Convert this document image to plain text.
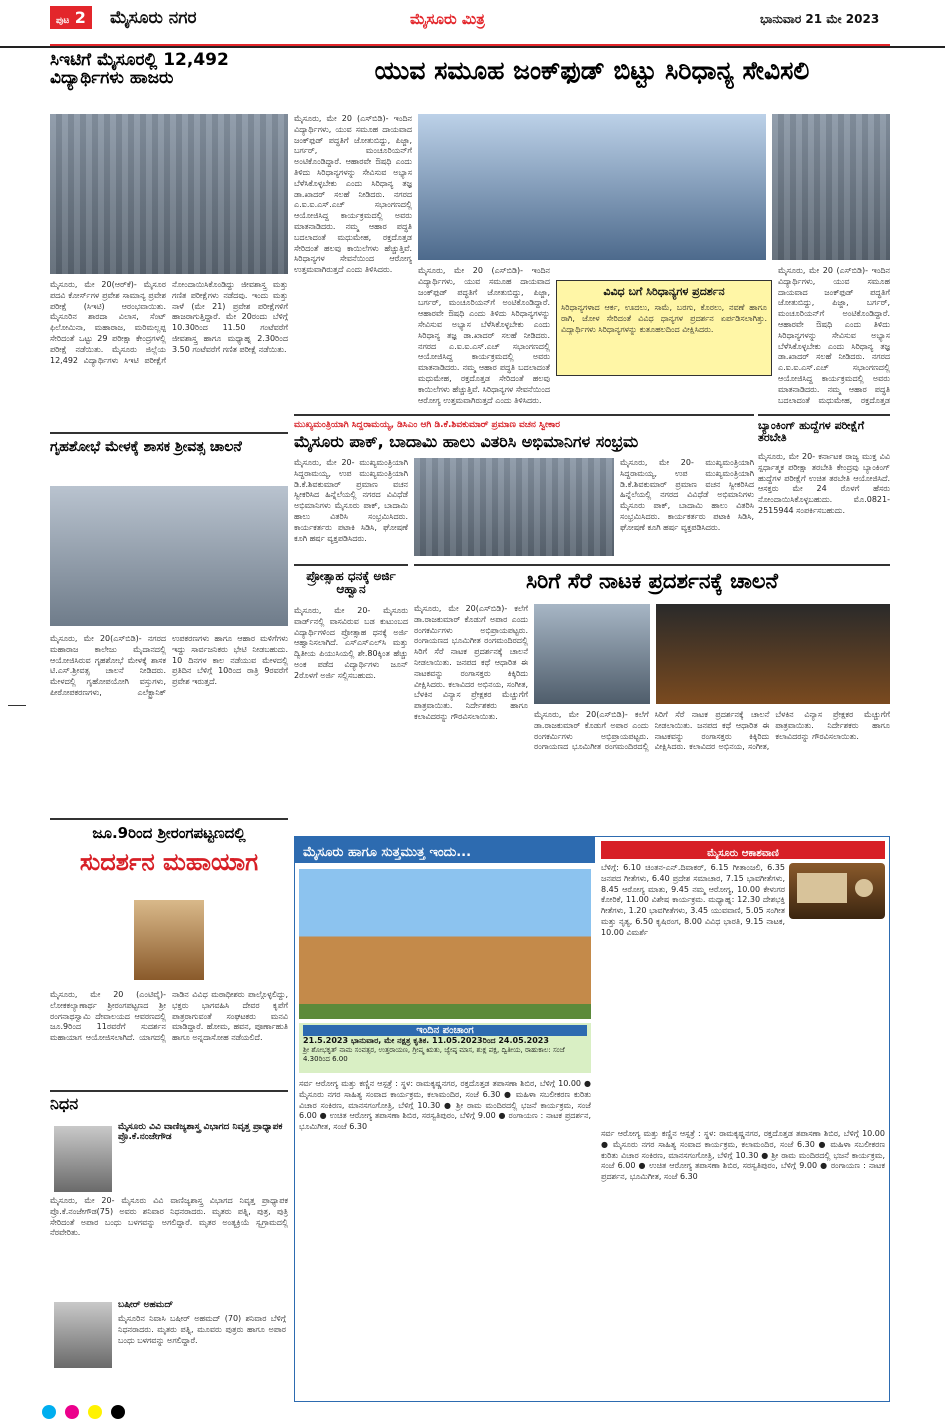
ಪುಟ 2	ಮೈಸೂರು ನಗರ	ಮೈಸೂರು ಮಿತ್ರ	ಭಾನುವಾರ 21 ಮೇ 2023

ಸಿಇಟಿಗೆ ಮೈಸೂರಲ್ಲಿ 12,492 ವಿದ್ಯಾರ್ಥಿಗಳು ಹಾಜರು
ಮೈಸೂರು, ಮೇ 20(ಆರ್‌ಕೆ)- ಮೈಸೂರ ಪದವಿ ಕೋರ್ಸ್‌ಗಳ ಪ್ರವೇಶ ಸಾಮಾನ್ಯ ಪ್ರವೇಶ ಪರೀಕ್ಷೆ (ಸಿಇಟಿ) ಆರಂಭವಾಯಿತು. ಮೈಸೂರಿನ ಶಾರದಾ ವಿಲಾಸ, ಸೆಂಟ್ ಫಿಲೋಮಿನಾ, ಮಹಾರಾಜ, ಮರಿಮಲ್ಲಪ್ಪ ಸೇರಿದಂತೆ ಒಟ್ಟು 29 ಪರೀಕ್ಷಾ ಕೇಂದ್ರಗಳಲ್ಲಿ ಪರೀಕ್ಷೆ ನಡೆಯಿತು. ಮೈಸೂರು ಜಿಲ್ಲೆಯ 12,492 ವಿದ್ಯಾರ್ಥಿಗಳು ಸಿಇಟಿ ಪರೀಕ್ಷೆಗೆ ನೋಂದಾಯಿಸಿಕೊಂಡಿದ್ದು ಜೀವಶಾಸ್ತ್ರ ಮತ್ತು ಗಣಿತ ಪರೀಕ್ಷೆಗಳು ನಡೆದವು. ಇಂದು ಮತ್ತು ನಾಳೆ (ಮೇ 21) ಪ್ರವೇಶ ಪರೀಕ್ಷೆಗಳಿಗೆ ಹಾಜರಾಗುತ್ತಿದ್ದಾರೆ. ಮೇ 20ರಂದು ಬೆಳಿಗ್ಗೆ 10.30ರಿಂದ 11.50 ಗಂಟೆವರೆಗೆ ಜೀವಶಾಸ್ತ್ರ ಹಾಗೂ ಮಧ್ಯಾಹ್ನ 2.30ರಿಂದ 3.50 ಗಂಟೆವರೆಗೆ ಗಣಿತ ಪರೀಕ್ಷೆ ನಡೆಯಿತು.
ಗೃಹಶೋಭೆ ಮೇಳಕ್ಕೆ ಶಾಸಕ ಶ್ರೀವತ್ಸ ಚಾಲನೆ
ಮೈಸೂರು, ಮೇ 20(ಎಸ್‌ಬಿಡಿ)- ನಗರದ ಮಹಾರಾಜ ಕಾಲೇಜು ಮೈದಾನದಲ್ಲಿ ಆಯೋಜಿಸಿರುವ ಗೃಹಶೋಭೆ ಮೇಳಕ್ಕೆ ಶಾಸಕ ಟಿ.ಎಸ್.ಶ್ರೀವತ್ಸ ಚಾಲನೆ ನೀಡಿದರು. ಮೇಳದಲ್ಲಿ ಗೃಹೋಪಯೋಗಿ ವಸ್ತುಗಳು, ಪೀಠೋಪಕರಣಗಳು, ಎಲೆಕ್ಟ್ರಾನಿಕ್ ಉಪಕರಣಗಳು ಹಾಗೂ ಆಹಾರ ಮಳಿಗೆಗಳು ಇದ್ದು ಸಾರ್ವಜನಿಕರು ಭೇಟಿ ನೀಡಬಹುದು. 10 ದಿನಗಳ ಕಾಲ ನಡೆಯುವ ಮೇಳದಲ್ಲಿ ಪ್ರತಿದಿನ ಬೆಳಿಗ್ಗೆ 10ರಿಂದ ರಾತ್ರಿ 9ರವರೆಗೆ ಪ್ರವೇಶ ಇರುತ್ತದೆ.
ಜೂ.9ರಿಂದ ಶ್ರೀರಂಗಪಟ್ಟಣದಲ್ಲಿ
ಸುದರ್ಶನ ಮಹಾಯಾಗ
ಮೈಸೂರು, ಮೇ 20 (ಎಂಟಿವೈ)- ಲೋಕಕಲ್ಯಾಣಾರ್ಥ ಶ್ರೀರಂಗಪಟ್ಟಣದ ಶ್ರೀ ರಂಗನಾಥಸ್ವಾಮಿ ದೇವಾಲಯದ ಆವರಣದಲ್ಲಿ ಜೂ.9ರಿಂದ 11ರವರೆಗೆ ಸುದರ್ಶನ ಮಹಾಯಾಗ ಆಯೋಜಿಸಲಾಗಿದೆ. ಯಾಗದಲ್ಲಿ ನಾಡಿನ ವಿವಿಧ ಮಠಾಧೀಶರು ಪಾಲ್ಗೊಳ್ಳಲಿದ್ದು, ಭಕ್ತರು ಭಾಗವಹಿಸಿ ದೇವರ ಕೃಪೆಗೆ ಪಾತ್ರರಾಗುವಂತೆ ಸಂಘಟಕರು ಮನವಿ ಮಾಡಿದ್ದಾರೆ. ಹೋಮ, ಹವನ, ಪೂರ್ಣಾಹುತಿ ಹಾಗೂ ಅನ್ನದಾಸೋಹ ನಡೆಯಲಿದೆ.
ನಿಧನ
ಮೈಸೂರು ವಿವಿ ವಾಣಿಜ್ಯಶಾಸ್ತ್ರ ವಿಭಾಗದ ನಿವೃತ್ತ ಪ್ರಾಧ್ಯಾಪಕ ಪ್ರೊ.ಕೆ.ನಂಜೇಗೌಡ
ಮೈಸೂರು, ಮೇ 20- ಮೈಸೂರು ವಿವಿ ವಾಣಿಜ್ಯಶಾಸ್ತ್ರ ವಿಭಾಗದ ನಿವೃತ್ತ ಪ್ರಾಧ್ಯಾಪಕ ಪ್ರೊ.ಕೆ.ನಂಜೇಗೌಡ(75) ಅವರು ಶನಿವಾರ ನಿಧನರಾದರು. ಮೃತರು ಪತ್ನಿ, ಪುತ್ರ, ಪುತ್ರಿ ಸೇರಿದಂತೆ ಅಪಾರ ಬಂಧು ಬಳಗವನ್ನು ಅಗಲಿದ್ದಾರೆ. ಮೃತರ ಅಂತ್ಯಕ್ರಿಯೆ ಸ್ವಗ್ರಾಮದಲ್ಲಿ ನೆರವೇರಿತು.
ಬಷೀರ್ ಅಹಮದ್
ಮೈಸೂರಿನ ನಿವಾಸಿ ಬಷೀರ್ ಅಹಮದ್ (70) ಶನಿವಾರ ಬೆಳಿಗ್ಗೆ ನಿಧನರಾದರು. ಮೃತರು ಪತ್ನಿ, ಮೂವರು ಪುತ್ರರು ಹಾಗೂ ಅಪಾರ ಬಂಧು ಬಳಗವನ್ನು ಅಗಲಿದ್ದಾರೆ.
ಯುವ ಸಮೂಹ ಜಂಕ್‌ಫುಡ್ ಬಿಟ್ಟು ಸಿರಿಧಾನ್ಯ ಸೇವಿಸಲಿ
ಮೈಸೂರು, ಮೇ 20 (ಎಸ್‌ಬಿಡಿ)- ಇಂದಿನ ವಿದ್ಯಾರ್ಥಿಗಳು, ಯುವ ಸಮೂಹ ದಾಯವಾದ ಜಂಕ್‌ಫುಡ್ ಪದ್ಧತಿಗೆ ಜೋತುಬಿದ್ದು, ಪಿಜ್ಜಾ, ಬರ್ಗರ್, ಮಂಚೂರಿಯನ್‌ಗೆ ಅಂಟಿಕೊಂಡಿದ್ದಾರೆ. ಆಹಾರವೇ ಔಷಧಿ ಎಂದು ತಿಳಿದು ಸಿರಿಧಾನ್ಯಗಳನ್ನು ಸೇವಿಸುವ ಅಭ್ಯಾಸ ಬೆಳೆಸಿಕೊಳ್ಳಬೇಕು ಎಂದು ಸಿರಿಧಾನ್ಯ ತಜ್ಞ ಡಾ.ಖಾದರ್ ಸಲಹೆ ನೀಡಿದರು. ನಗರದ ಎ.ಐ.ಐ.ಎಸ್.ಎಚ್ ಸಭಾಂಗಣದಲ್ಲಿ ಆಯೋಜಿಸಿದ್ದ ಕಾರ್ಯಕ್ರಮದಲ್ಲಿ ಅವರು ಮಾತನಾಡಿದರು. ನಮ್ಮ ಆಹಾರ ಪದ್ಧತಿ ಬದಲಾದಂತೆ ಮಧುಮೇಹ, ರಕ್ತದೊತ್ತಡ ಸೇರಿದಂತೆ ಹಲವು ಕಾಯಿಲೆಗಳು ಹೆಚ್ಚುತ್ತಿವೆ. ಸಿರಿಧಾನ್ಯಗಳ ಸೇವನೆಯಿಂದ ಆರೋಗ್ಯ ಉತ್ತಮವಾಗಿರುತ್ತದೆ ಎಂದು ತಿಳಿಸಿದರು.
ವಿವಿಧ ಬಗೆ ಸಿರಿಧಾನ್ಯಗಳ ಪ್ರದರ್ಶನ
ಸಿರಿಧಾನ್ಯಗಳಾದ ಆರ್ಕ, ಊದಲು, ಸಾಮೆ, ಬರಗು, ಕೊರಲು, ನವಣೆ ಹಾಗೂ ರಾಗಿ, ಜೋಳ ಸೇರಿದಂತೆ ವಿವಿಧ ಧಾನ್ಯಗಳ ಪ್ರದರ್ಶನ ಏರ್ಪಡಿಸಲಾಗಿತ್ತು. ವಿದ್ಯಾರ್ಥಿಗಳು ಸಿರಿಧಾನ್ಯಗಳನ್ನು ಕುತೂಹಲದಿಂದ ವೀಕ್ಷಿಸಿದರು.
ಮೈಸೂರು, ಮೇ 20 (ಎಸ್‌ಬಿಡಿ)- ಇಂದಿನ ವಿದ್ಯಾರ್ಥಿಗಳು, ಯುವ ಸಮೂಹ ದಾಯವಾದ ಜಂಕ್‌ಫುಡ್ ಪದ್ಧತಿಗೆ ಜೋತುಬಿದ್ದು, ಪಿಜ್ಜಾ, ಬರ್ಗರ್, ಮಂಚೂರಿಯನ್‌ಗೆ ಅಂಟಿಕೊಂಡಿದ್ದಾರೆ. ಆಹಾರವೇ ಔಷಧಿ ಎಂದು ತಿಳಿದು ಸಿರಿಧಾನ್ಯಗಳನ್ನು ಸೇವಿಸುವ ಅಭ್ಯಾಸ ಬೆಳೆಸಿಕೊಳ್ಳಬೇಕು ಎಂದು ಸಿರಿಧಾನ್ಯ ತಜ್ಞ ಡಾ.ಖಾದರ್ ಸಲಹೆ ನೀಡಿದರು. ನಗರದ ಎ.ಐ.ಐ.ಎಸ್.ಎಚ್ ಸಭಾಂಗಣದಲ್ಲಿ ಆಯೋಜಿಸಿದ್ದ ಕಾರ್ಯಕ್ರಮದಲ್ಲಿ ಅವರು ಮಾತನಾಡಿದರು. ನಮ್ಮ ಆಹಾರ ಪದ್ಧತಿ ಬದಲಾದಂತೆ ಮಧುಮೇಹ, ರಕ್ತದೊತ್ತಡ ಸೇರಿದಂತೆ ಹಲವು ಕಾಯಿಲೆಗಳು ಹೆಚ್ಚುತ್ತಿವೆ. ಸಿರಿಧಾನ್ಯಗಳ ಸೇವನೆಯಿಂದ ಆರೋಗ್ಯ ಉತ್ತಮವಾಗಿರುತ್ತದೆ ಎಂದು ತಿಳಿಸಿದರು.
ಮೈಸೂರು, ಮೇ 20 (ಎಸ್‌ಬಿಡಿ)- ಇಂದಿನ ವಿದ್ಯಾರ್ಥಿಗಳು, ಯುವ ಸಮೂಹ ದಾಯವಾದ ಜಂಕ್‌ಫುಡ್ ಪದ್ಧತಿಗೆ ಜೋತುಬಿದ್ದು, ಪಿಜ್ಜಾ, ಬರ್ಗರ್, ಮಂಚೂರಿಯನ್‌ಗೆ ಅಂಟಿಕೊಂಡಿದ್ದಾರೆ. ಆಹಾರವೇ ಔಷಧಿ ಎಂದು ತಿಳಿದು ಸಿರಿಧಾನ್ಯಗಳನ್ನು ಸೇವಿಸುವ ಅಭ್ಯಾಸ ಬೆಳೆಸಿಕೊಳ್ಳಬೇಕು ಎಂದು ಸಿರಿಧಾನ್ಯ ತಜ್ಞ ಡಾ.ಖಾದರ್ ಸಲಹೆ ನೀಡಿದರು. ನಗರದ ಎ.ಐ.ಐ.ಎಸ್.ಎಚ್ ಸಭಾಂಗಣದಲ್ಲಿ ಆಯೋಜಿಸಿದ್ದ ಕಾರ್ಯಕ್ರಮದಲ್ಲಿ ಅವರು ಮಾತನಾಡಿದರು. ನಮ್ಮ ಆಹಾರ ಪದ್ಧತಿ ಬದಲಾದಂತೆ ಮಧುಮೇಹ, ರಕ್ತದೊತ್ತಡ
ಮುಖ್ಯಮಂತ್ರಿಯಾಗಿ ಸಿದ್ದರಾಮಯ್ಯ, ಡಿಸಿಎಂ ಆಗಿ ಡಿ.ಕೆ.ಶಿವಕುಮಾರ್ ಪ್ರಮಾಣ ವಚನ ಸ್ವೀಕಾರ
ಮೈಸೂರು ಪಾಕ್, ಬಾದಾಮಿ ಹಾಲು ವಿತರಿಸಿ ಅಭಿಮಾನಿಗಳ ಸಂಭ್ರಮ
ಮೈಸೂರು, ಮೇ 20- ಮುಖ್ಯಮಂತ್ರಿಯಾಗಿ ಸಿದ್ದರಾಮಯ್ಯ, ಉಪ ಮುಖ್ಯಮಂತ್ರಿಯಾಗಿ ಡಿ.ಕೆ.ಶಿವಕುಮಾರ್ ಪ್ರಮಾಣ ವಚನ ಸ್ವೀಕರಿಸಿದ ಹಿನ್ನೆಲೆಯಲ್ಲಿ ನಗರದ ವಿವಿಧೆಡೆ ಅಭಿಮಾನಿಗಳು ಮೈಸೂರು ಪಾಕ್, ಬಾದಾಮಿ ಹಾಲು ವಿತರಿಸಿ ಸಂಭ್ರಮಿಸಿದರು. ಕಾರ್ಯಕರ್ತರು ಪಟಾಕಿ ಸಿಡಿಸಿ, ಘೋಷಣೆ ಕೂಗಿ ಹರ್ಷ ವ್ಯಕ್ತಪಡಿಸಿದರು.
ಮೈಸೂರು, ಮೇ 20- ಮುಖ್ಯಮಂತ್ರಿಯಾಗಿ ಸಿದ್ದರಾಮಯ್ಯ, ಉಪ ಮುಖ್ಯಮಂತ್ರಿಯಾಗಿ ಡಿ.ಕೆ.ಶಿವಕುಮಾರ್ ಪ್ರಮಾಣ ವಚನ ಸ್ವೀಕರಿಸಿದ ಹಿನ್ನೆಲೆಯಲ್ಲಿ ನಗರದ ವಿವಿಧೆಡೆ ಅಭಿಮಾನಿಗಳು ಮೈಸೂರು ಪಾಕ್, ಬಾದಾಮಿ ಹಾಲು ವಿತರಿಸಿ ಸಂಭ್ರಮಿಸಿದರು. ಕಾರ್ಯಕರ್ತರು ಪಟಾಕಿ ಸಿಡಿಸಿ, ಘೋಷಣೆ ಕೂಗಿ ಹರ್ಷ ವ್ಯಕ್ತಪಡಿಸಿದರು.
ಬ್ಯಾಂಕಿಂಗ್ ಹುದ್ದೆಗಳ ಪರೀಕ್ಷೆಗೆ ತರಬೇತಿ
ಮೈಸೂರು, ಮೇ 20- ಕರ್ನಾಟಕ ರಾಜ್ಯ ಮುಕ್ತ ವಿವಿ ಸ್ಪರ್ಧಾತ್ಮಕ ಪರೀಕ್ಷಾ ತರಬೇತಿ ಕೇಂದ್ರವು ಬ್ಯಾಂಕಿಂಗ್ ಹುದ್ದೆಗಳ ಪರೀಕ್ಷೆಗೆ ಉಚಿತ ತರಬೇತಿ ಆಯೋಜಿಸಿದೆ. ಆಸಕ್ತರು ಮೇ 24 ರೊಳಗೆ ಹೆಸರು ನೋಂದಾಯಿಸಿಕೊಳ್ಳಬಹುದು. ಮೊ.0821-2515944 ಸಂಪರ್ಕಿಸಬಹುದು.
ಪ್ರೋತ್ಸಾಹ ಧನಕ್ಕೆ ಅರ್ಜಿ ಆಹ್ವಾನ
ಮೈಸೂರು, ಮೇ 20- ಮೈಸೂರು ವಾರ್ಡ್‌ನಲ್ಲಿ ವಾಸವಿರುವ ಬಡ ಕುಟುಂಬದ ವಿದ್ಯಾರ್ಥಿಗಳಿಂದ ಪ್ರೋತ್ಸಾಹ ಧನಕ್ಕೆ ಅರ್ಜಿ ಆಹ್ವಾನಿಸಲಾಗಿದೆ. ಎಸ್‌ಎಸ್‌ಎಲ್‌ಸಿ ಮತ್ತು ದ್ವಿತೀಯ ಪಿಯುಸಿಯಲ್ಲಿ ಶೇ.80ಕ್ಕಿಂತ ಹೆಚ್ಚು ಅಂಕ ಪಡೆದ ವಿದ್ಯಾರ್ಥಿಗಳು ಜೂನ್ 2ರೊಳಗೆ ಅರ್ಜಿ ಸಲ್ಲಿಸಬಹುದು.
ಸಿರಿಗೆ ಸೆರೆ ನಾಟಕ ಪ್ರದರ್ಶನಕ್ಕೆ ಚಾಲನೆ
ಮೈಸೂರು, ಮೇ 20(ಎಸ್‌ಬಿಡಿ)- ಕಲೆಗೆ ಡಾ.ರಾಜಕುಮಾರ್ ಕೊಡುಗೆ ಅಪಾರ ಎಂದು ರಂಗಕರ್ಮಿಗಳು ಅಭಿಪ್ರಾಯಪಟ್ಟರು. ರಂಗಾಯಣದ ಭೂಮಿಗೀತ ರಂಗಮಂದಿರದಲ್ಲಿ ಸಿರಿಗೆ ಸೆರೆ ನಾಟಕ ಪ್ರದರ್ಶನಕ್ಕೆ ಚಾಲನೆ ನೀಡಲಾಯಿತು. ಜನಪದ ಕಥೆ ಆಧಾರಿತ ಈ ನಾಟಕವನ್ನು ರಂಗಾಸಕ್ತರು ಕಿಕ್ಕಿರಿದು ವೀಕ್ಷಿಸಿದರು. ಕಲಾವಿದರ ಅಭಿನಯ, ಸಂಗೀತ, ಬೆಳಕಿನ ವಿನ್ಯಾಸ ಪ್ರೇಕ್ಷಕರ ಮೆಚ್ಚುಗೆಗೆ ಪಾತ್ರವಾಯಿತು. ನಿರ್ದೇಶಕರು ಹಾಗೂ ಕಲಾವಿದರನ್ನು ಗೌರವಿಸಲಾಯಿತು.	ಮೈಸೂರು, ಮೇ 20(ಎಸ್‌ಬಿಡಿ)- ಕಲೆಗೆ ಡಾ.ರಾಜಕುಮಾರ್ ಕೊಡುಗೆ ಅಪಾರ ಎಂದು ರಂಗಕರ್ಮಿಗಳು ಅಭಿಪ್ರಾಯಪಟ್ಟರು. ರಂಗಾಯಣದ ಭೂಮಿಗೀತ ರಂಗಮಂದಿರದಲ್ಲಿ ಸಿರಿಗೆ ಸೆರೆ ನಾಟಕ ಪ್ರದರ್ಶನಕ್ಕೆ ಚಾಲನೆ ನೀಡಲಾಯಿತು. ಜನಪದ ಕಥೆ ಆಧಾರಿತ ಈ ನಾಟಕವನ್ನು ರಂಗಾಸಕ್ತರು ಕಿಕ್ಕಿರಿದು ವೀಕ್ಷಿಸಿದರು. ಕಲಾವಿದರ ಅಭಿನಯ, ಸಂಗೀತ, ಬೆಳಕಿನ ವಿನ್ಯಾಸ ಪ್ರೇಕ್ಷಕರ ಮೆಚ್ಚುಗೆಗೆ ಪಾತ್ರವಾಯಿತು. ನಿರ್ದೇಶಕರು ಹಾಗೂ ಕಲಾವಿದರನ್ನು ಗೌರವಿಸಲಾಯಿತು.
ಮೈಸೂರು ಹಾಗೂ ಸುತ್ತಮುತ್ತ ಇಂದು...
ಇಂದಿನ ಪಂಚಾಂಗ
21.5.2023 ಭಾನುವಾರ, ಮೇ ನಕ್ಷತ್ರ ಕೃತಿಕ. 11.05.2023ರಿಂದ 24.05.2023
ಶ್ರೀ ಶೋಭಕೃತ್ ನಾಮ ಸಂವತ್ಸರ, ಉತ್ತರಾಯಣ, ಗ್ರೀಷ್ಮ ಋತು, ಜ್ಯೇಷ್ಠ ಮಾಸ, ಶುಕ್ಲ ಪಕ್ಷ, ದ್ವಿತೀಯ, ರಾಹುಕಾಲ: ಸಂಜೆ 4.30ರಿಂದ 6.00
ಸರ್ವ ಆರೋಗ್ಯ ಮತ್ತು ಕಣ್ಣಿನ ಆಸ್ಪತ್ರೆ : ಸ್ಥಳ: ರಾಮಕೃಷ್ಣನಗರ, ರಕ್ತದೊತ್ತಡ ತಪಾಸಣಾ ಶಿಬಿರ, ಬೆಳಿಗ್ಗೆ 10.00 ● ಮೈಸೂರು ನಗರ ಸಾಹಿತ್ಯ ಸಂವಾದ ಕಾರ್ಯಕ್ರಮ, ಕಲಾಮಂದಿರ, ಸಂಜೆ 6.30 ● ಮಹಿಳಾ ಸಬಲೀಕರಣ ಕುರಿತು ವಿಚಾರ ಸಂಕಿರಣ, ಮಾನಸಗಂಗೋತ್ರಿ, ಬೆಳಿಗ್ಗೆ 10.30 ● ಶ್ರೀ ರಾಮ ಮಂದಿರದಲ್ಲಿ ಭಜನೆ ಕಾರ್ಯಕ್ರಮ, ಸಂಜೆ 6.00 ● ಉಚಿತ ಆರೋಗ್ಯ ತಪಾಸಣಾ ಶಿಬಿರ, ಸರಸ್ವತಿಪುರಂ, ಬೆಳಿಗ್ಗೆ 9.00 ● ರಂಗಾಯಣ : ನಾಟಕ ಪ್ರದರ್ಶನ, ಭೂಮಿಗೀತ, ಸಂಜೆ 6.30
ಮೈಸೂರು ಆಕಾಶವಾಣಿ
ಬೆಳಿಗ್ಗೆ: 6.10 ಚಿಂತನ-ಎನ್.ದಿವಾಕರ್, 6.15 ಗೀತಾಂಜಲಿ, 6.35 ಜನಪದ ಗೀತೆಗಳು, 6.40 ಪ್ರದೇಶ ಸಮಾಚಾರ, 7.15 ಭಾವಗೀತೆಗಳು, 8.45 ಆರೋಗ್ಯ ಮಾತು, 9.45 ನಮ್ಮ ಆರೋಗ್ಯ, 10.00 ಕೇಳುಗರ ಕೋರಿಕೆ, 11.00 ವಿಶೇಷ ಕಾರ್ಯಕ್ರಮ. ಮಧ್ಯಾಹ್ನ: 12.30 ದೇಶಭಕ್ತಿ ಗೀತೆಗಳು, 1.20 ಭಾವಗೀತೆಗಳು, 3.45 ಯುವವಾಣಿ, 5.05 ಸಂಗೀತ ಮತ್ತು ನೃತ್ಯ, 6.50 ಕೃಷಿರಂಗ, 8.00 ವಿವಿಧ ಭಾರತಿ, 9.15 ನಾಟಕ, 10.00 ವಿಮರ್ಶೆ
ಸರ್ವ ಆರೋಗ್ಯ ಮತ್ತು ಕಣ್ಣಿನ ಆಸ್ಪತ್ರೆ : ಸ್ಥಳ: ರಾಮಕೃಷ್ಣನಗರ, ರಕ್ತದೊತ್ತಡ ತಪಾಸಣಾ ಶಿಬಿರ, ಬೆಳಿಗ್ಗೆ 10.00 ● ಮೈಸೂರು ನಗರ ಸಾಹಿತ್ಯ ಸಂವಾದ ಕಾರ್ಯಕ್ರಮ, ಕಲಾಮಂದಿರ, ಸಂಜೆ 6.30 ● ಮಹಿಳಾ ಸಬಲೀಕರಣ ಕುರಿತು ವಿಚಾರ ಸಂಕಿರಣ, ಮಾನಸಗಂಗೋತ್ರಿ, ಬೆಳಿಗ್ಗೆ 10.30 ● ಶ್ರೀ ರಾಮ ಮಂದಿರದಲ್ಲಿ ಭಜನೆ ಕಾರ್ಯಕ್ರಮ, ಸಂಜೆ 6.00 ● ಉಚಿತ ಆರೋಗ್ಯ ತಪಾಸಣಾ ಶಿಬಿರ, ಸರಸ್ವತಿಪುರಂ, ಬೆಳಿಗ್ಗೆ 9.00 ● ರಂಗಾಯಣ : ನಾಟಕ ಪ್ರದರ್ಶನ, ಭೂಮಿಗೀತ, ಸಂಜೆ 6.30
